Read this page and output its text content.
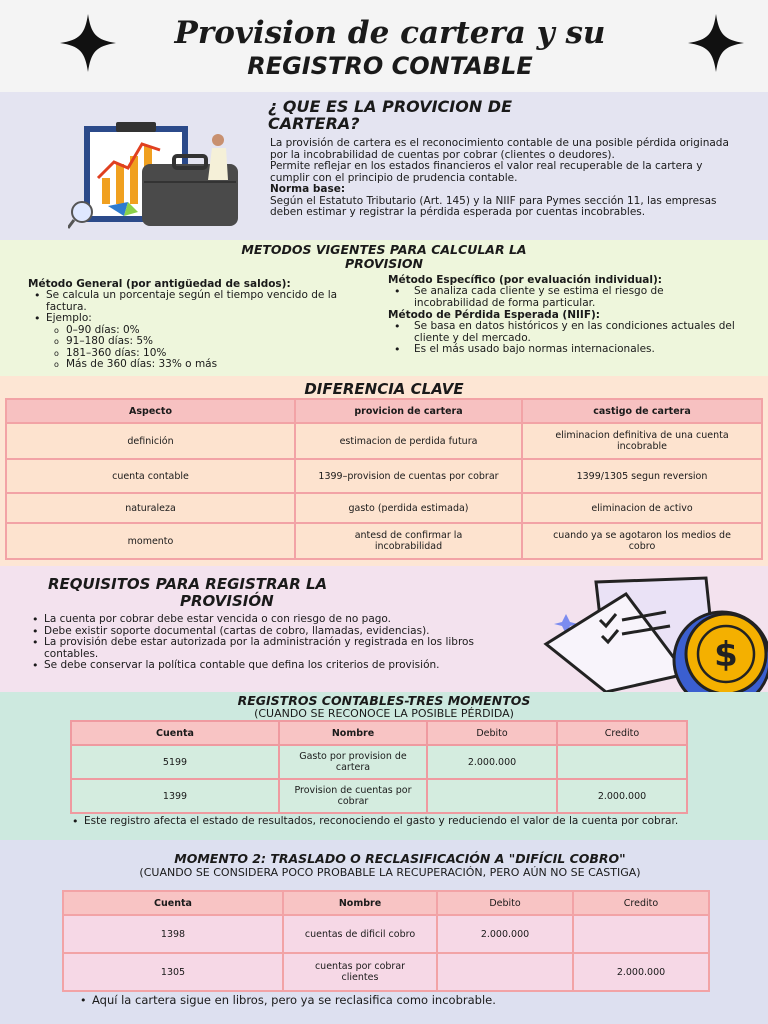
Provision de cartera y su
REGISTRO CONTABLE
¿ QUE ES LA PROVICION DE
CARTERA?
La provisión de cartera es el reconocimiento contable de una posible pérdida originada por la incobrabilidad de cuentas por cobrar (clientes o deudores).
Permite reflejar en los estados financieros el valor real recuperable de la cartera y cumplir con el principio de prudencia contable.
Norma base:
Según el Estatuto Tributario (Art. 145) y la NIIF para Pymes sección 11, las empresas deben estimar y registrar la pérdida esperada por cuentas incobrables.
METODOS VIGENTES PARA CALCULAR LA
PROVISION
Método General (por antigüedad de saldos):
• Se calcula un porcentaje según el tiempo vencido de la factura.
• Ejemplo:
o 0–90 días: 0%
o 91–180 días: 5%
o 181–360 días: 10%
o Más de 360 días: 33% o más
Método Específico (por evaluación individual):
• Se analiza cada cliente y se estima el riesgo de incobrabilidad de forma particular.
Método de Pérdida Esperada (NIIF):
• Se basa en datos históricos y en las condiciones actuales del cliente y del mercado.
• Es el más usado bajo normas internacionales.
DIFERENCIA CLAVE
Aspecto	provicion de cartera	castigo de cartera
definición	estimacion de perdida futura	eliminacion definitiva de una cuenta incobrable
cuenta contable	1399–provision de cuentas por cobrar	1399/1305 segun reversion
naturaleza	gasto (perdida estimada)	eliminacion de activo
momento	antesd de confirmar la incobrabilidad	cuando ya se agotaron los medios de cobro
REQUISITOS PARA REGISTRAR LA
PROVISIÓN
• La cuenta por cobrar debe estar vencida o con riesgo de no pago.
• Debe existir soporte documental (cartas de cobro, llamadas, evidencias).
• La provisión debe estar autorizada por la administración y registrada en los libros contables.
• Se debe conservar la política contable que defina los criterios de provisión.	$
REGISTROS CONTABLES-TRES MOMENTOS
(CUANDO SE RECONOCE LA POSIBLE PÉRDIDA)
Cuenta	Nombre	Debito	Credito
5199	Gasto por provision de cartera	2.000.000	
1399	Provision de cuentas por cobrar		2.000.000
• Este registro afecta el estado de resultados, reconociendo el gasto y reduciendo el valor de la cuenta por cobrar.
MOMENTO 2: TRASLADO O RECLASIFICACIÓN A "DIFÍCIL COBRO"
(CUANDO SE CONSIDERA POCO PROBABLE LA RECUPERACIÓN, PERO AÚN NO SE CASTIGA)
Cuenta	Nombre	Debito	Credito
1398	cuentas de dificil cobro	2.000.000	
1305	cuentas por cobrar clientes		2.000.000
• Aquí la cartera sigue en libros, pero ya se reclasifica como incobrable.
